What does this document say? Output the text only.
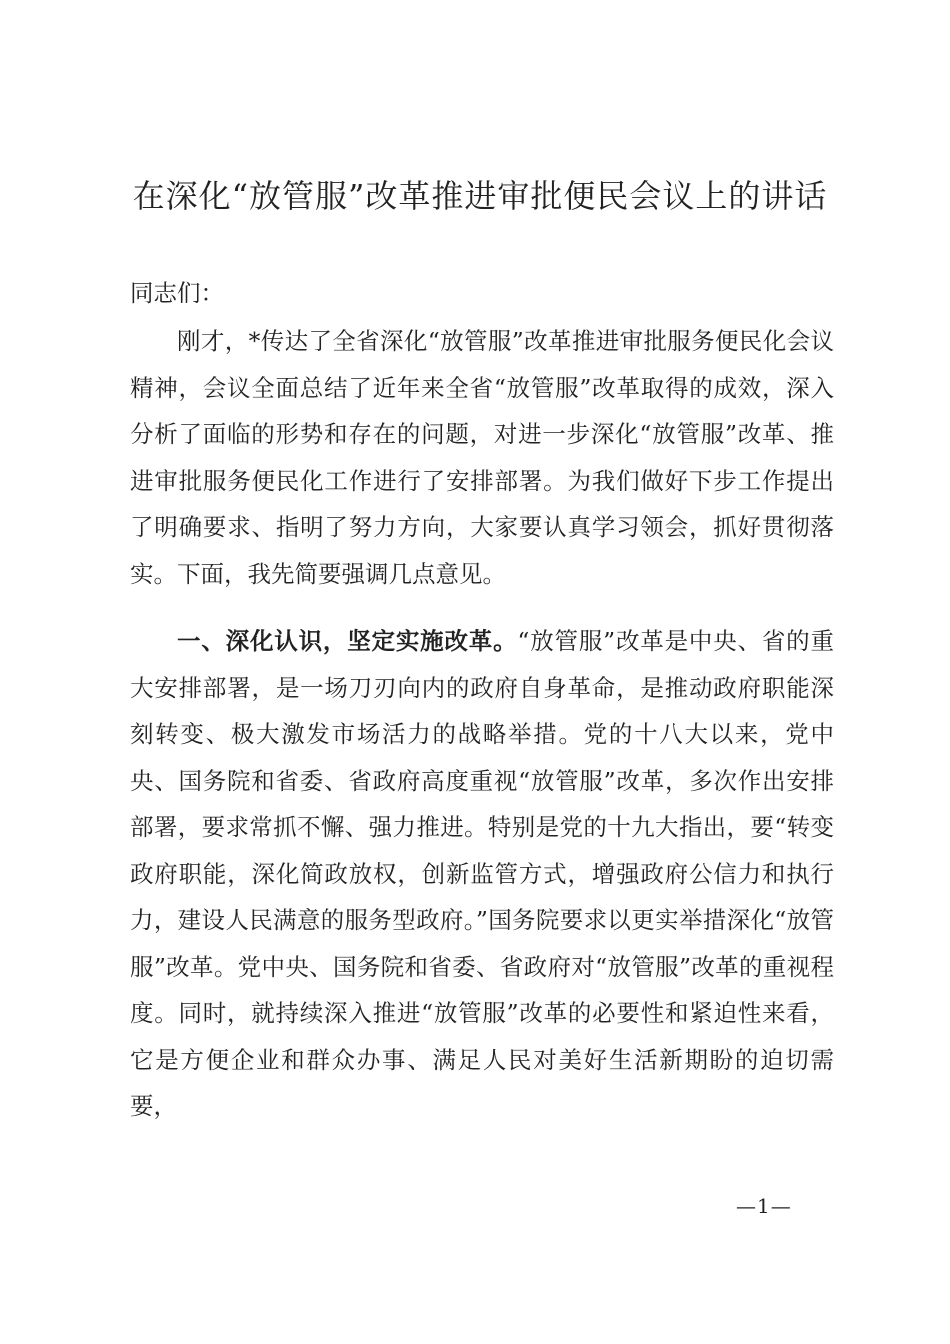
在深化“放管服”改革推进审批便民会议上的讲话
同志们：
刚才，*传达了全省深化“放管服”改革推进审批服务便民化会议精神，会议全面总结了近年来全省“放管服”改革取得的成效，深入分析了面临的形势和存在的问题，对进一步深化“放管服”改革、推进审批服务便民化工作进行了安排部署。为我们做好下步工作提出了明确要求、指明了努力方向，大家要认真学习领会，抓好贯彻落实。下面，我先简要强调几点意见。
一、深化认识，坚定实施改革。“放管服”改革是中央、省的重大安排部署，是一场刀刃向内的政府自身革命，是推动政府职能深刻转变、极大激发市场活力的战略举措。党的十八大以来，党中央、国务院和省委、省政府高度重视“放管服”改革，多次作出安排部署，要求常抓不懈、强力推进。特别是党的十九大指出，要“转变政府职能，深化简政放权，创新监管方式，增强政府公信力和执行力，建设人民满意的服务型政府。”国务院要求以更实举措深化“放管服”改革。党中央、国务院和省委、省政府对“放管服”改革的重视程度。同时，就持续深入推进“放管服”改革的必要性和紧迫性来看，它是方便企业和群众办事、满足人民对美好生活新期盼的迫切需要，
—1—
